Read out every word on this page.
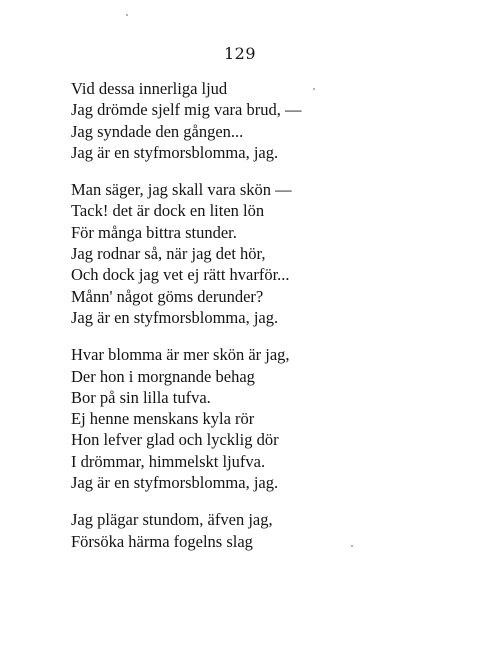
129
Vid dessa innerliga ljud
Jag drömde sjelf mig vara brud, —
Jag syndade den gången...
Jag är en styfmorsblomma, jag.
Man säger, jag skall vara skön —
Tack! det är dock en liten lön
För många bittra stunder.
Jag rodnar så, när jag det hör,
Och dock jag vet ej rätt hvarför...
Månn' något göms derunder?
Jag är en styfmorsblomma, jag.
Hvar blomma är mer skön är jag,
Der hon i morgnande behag
Bor på sin lilla tufva.
Ej henne menskans kyla rör
Hon lefver glad och lycklig dör
I drömmar, himmelskt ljufva.
Jag är en styfmorsblomma, jag.
Jag plägar stundom, äfven jag,
Försöka härma fogelns slag
